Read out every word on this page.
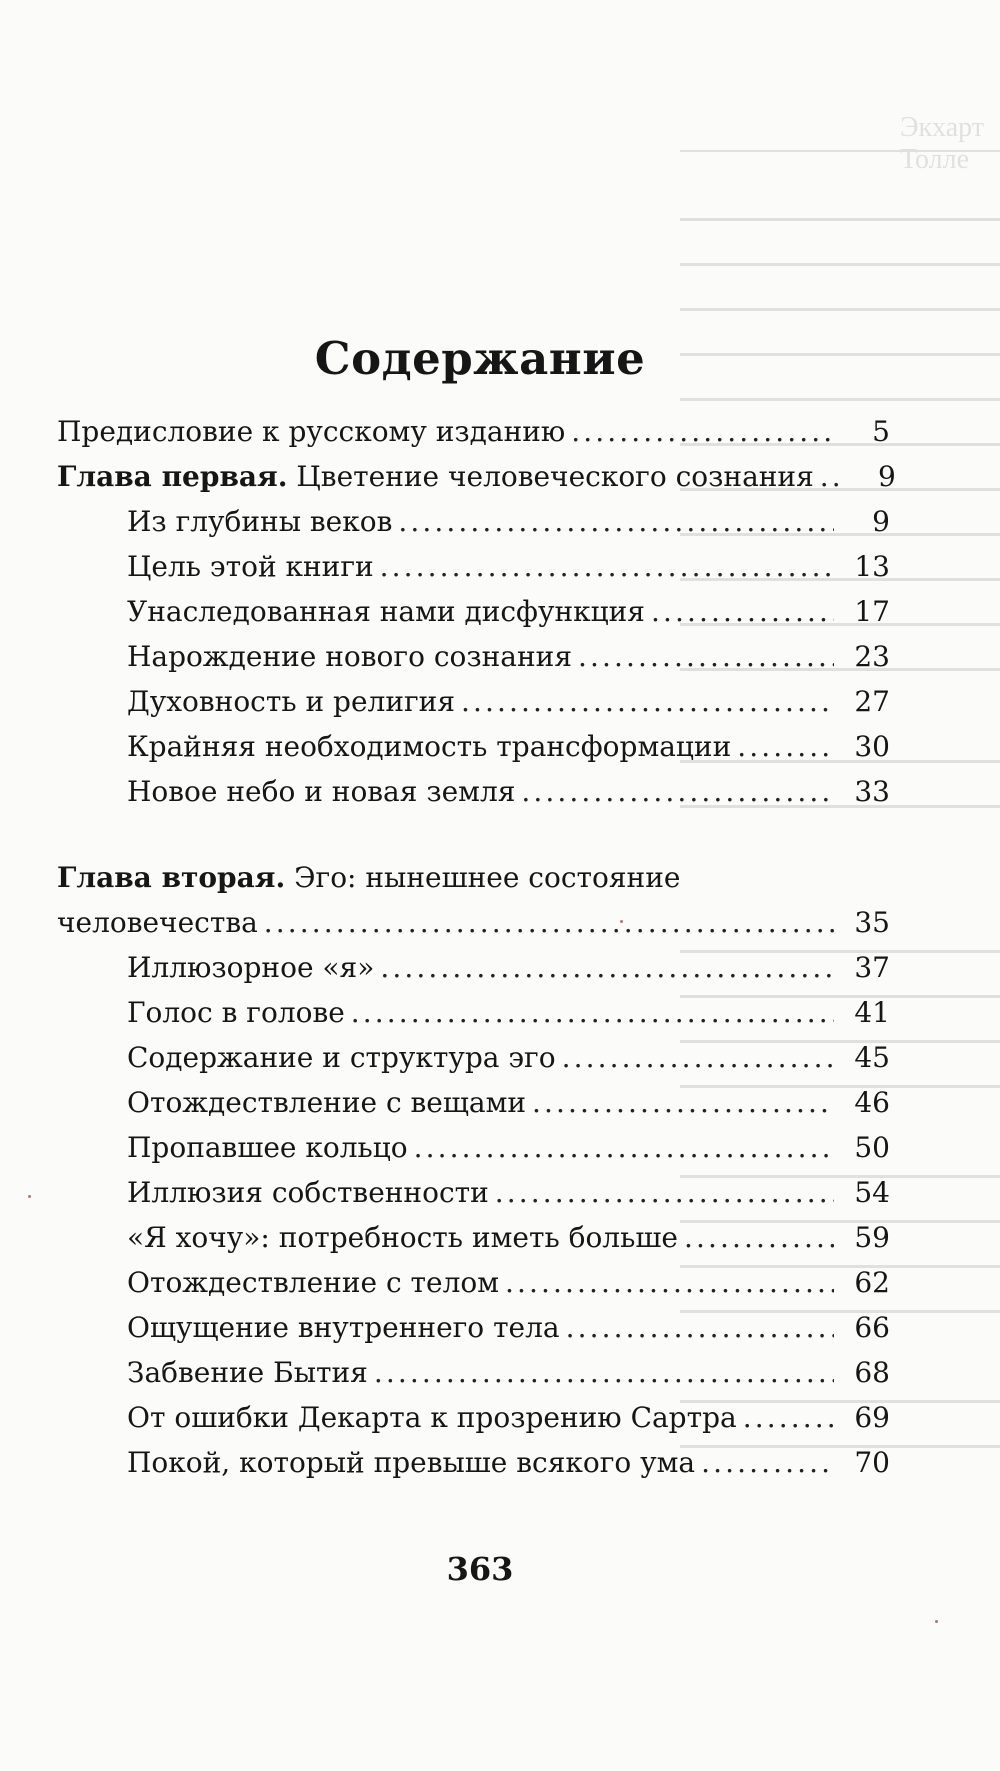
Экхарт Толле
Содержание
Предисловие к русскому изданию .....	5
Глава первая. Цветение человеческого сознания .....	9
Из глубины веков .....	9
Цель этой книги .....	13
Унаследованная нами дисфункция .....	17
Нарождение нового сознания .....	23
Духовность и религия .....	27
Крайняя необходимость трансформации .....	30
Новое небо и новая земля .....	33
Глава вторая. Эго: нынешнее состояние
человечества .....	35
Иллюзорное «я» .....	37
Голос в голове .....	41
Содержание и структура эго .....	45
Отождествление с вещами .....	46
Пропавшее кольцо .....	50
Иллюзия собственности .....	54
«Я хочу»: потребность иметь больше .....	59
Отождествление с телом .....	62
Ощущение внутреннего тела .....	66
Забвение Бытия .....	68
От ошибки Декарта к прозрению Сартра .....	69
Покой, который превыше всякого ума .....	70
363
